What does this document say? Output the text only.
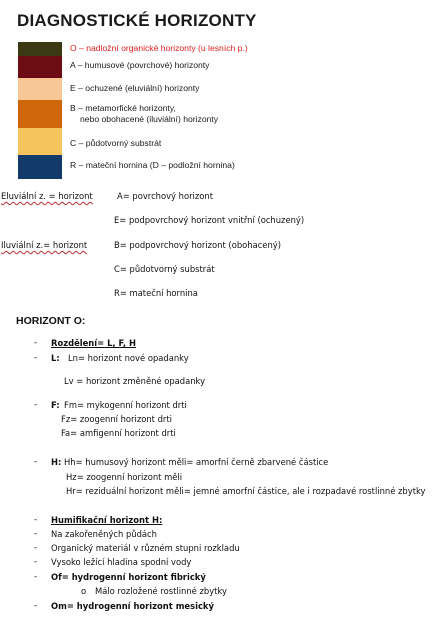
DIAGNOSTICKÉ HORIZONTY
O – nadložní organické horizonty (u lesních p.)
A – humusové (povrchové) horizonty
E – ochuzené (eluviální) horizonty
B – metamorfické horizonty,
nebo obohacené (iluviální) horizonty
C – půdotvorný substrát
R – mateční hornina (D – podložní hornina)
Eluviální z. = horizont	A= povrchový horizont
E= podpovrchový horizont vnitřní (ochuzený)
Iluviální z.= horizont	B= podpovrchový horizont (obohacený)
C= půdotvorný substrát
R= mateční hornina
HORIZONT O:
- Rozdělení= L, F, H
- L: Ln= horizont nové opadanky
Lv = horizont změněné opadanky
- F: Fm= mykogenní horizont drti
Fz= zoogenní horizont drti
Fa= amfigenní horizont drti
- H: Hh= humusový horizont měli= amorfní černě zbarvené částice
Hz= zoogenní horizont měli
Hr= reziduální horizont měli= jemné amorfní částice, ale i rozpadavé rostlinné zbytky
- Humifikační horizont H:
- Na zakořeněných půdách
- Organický materiál v různém stupni rozkladu
- Vysoko ležící hladina spodní vody
- Of= hydrogenní horizont fibrický
o Málo rozložené rostlinné zbytky
- Om= hydrogenní horizont mesický
